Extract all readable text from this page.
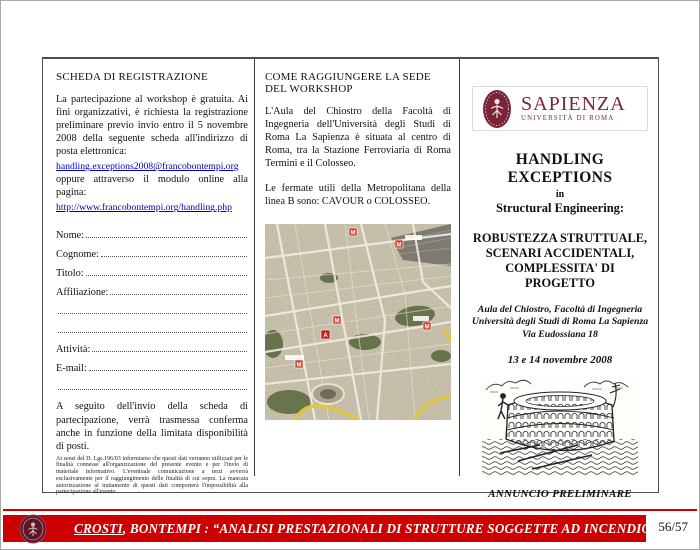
SCHEDA DI REGISTRAZIONE

La partecipazione al workshop è gratuita. Ai fini organizzativi, è richiesta la registrazione preliminare previo invio entro il 5 novembre 2008 della seguente scheda all'indirizzo di posta elettronica:

handling.exceptions2008@francobontempi.org

oppure attraverso il modulo online alla pagina:

http://www.francobontempi.org/handling.php
Nome:
Cognome:
Titolo:
Affiliazione:
Attività:
E-mail:

A seguito dell'invio della scheda di partecipazione, verrà trasmessa conferma anche in funzione della limitata disponibilità di posti.

Ai sensi del D. Lgs.196/03 informiamo che questi dati verranno utilizzati per le finalità connesse all'organizzazione del presente evento e per l'invio di materiale informativo. L'eventuale comunicazione a terzi avverrà esclusivamente per il raggiungimento delle finalità di cui sopra. La mancata autorizzazione al trattamento di questi dati comporterà l'impossibilità alla partecipazione all'evento

COME RAGGIUNGERE LA SEDE DEL WORKSHOP

L'Aula del Chiostro della Facoltà di Ingegneria dell'Università degli Studi di Roma La Sapienza è situata al centro di Roma, tra la Stazione Ferroviaria di Roma Termini e il Colosseo.

Le fermate utili della Metropolitana della linea B sono: CAVOUR o COLOSSEO.

M
M
M
A
M
M
SAPIENZA
UNIVERSITÀ DI ROMA
HANDLING EXCEPTIONS
in
Structural Engineering:
ROBUSTEZZA STRUTTUALE,
SCENARI ACCIDENTALI,
COMPLESSITA' DI PROGETTO
Aula del Chiostro, Facoltà di Ingegneria
Università degli Studi di Roma La Sapienza
Via Eudossiana 18
13 e 14 novembre 2008
ANNUNCIO PRELIMINARE
CROSTI, BONTEMPI : “ANALISI PRESTAZIONALI DI STRUTTURE SOGGETTE AD INCENDIO” 56/57
